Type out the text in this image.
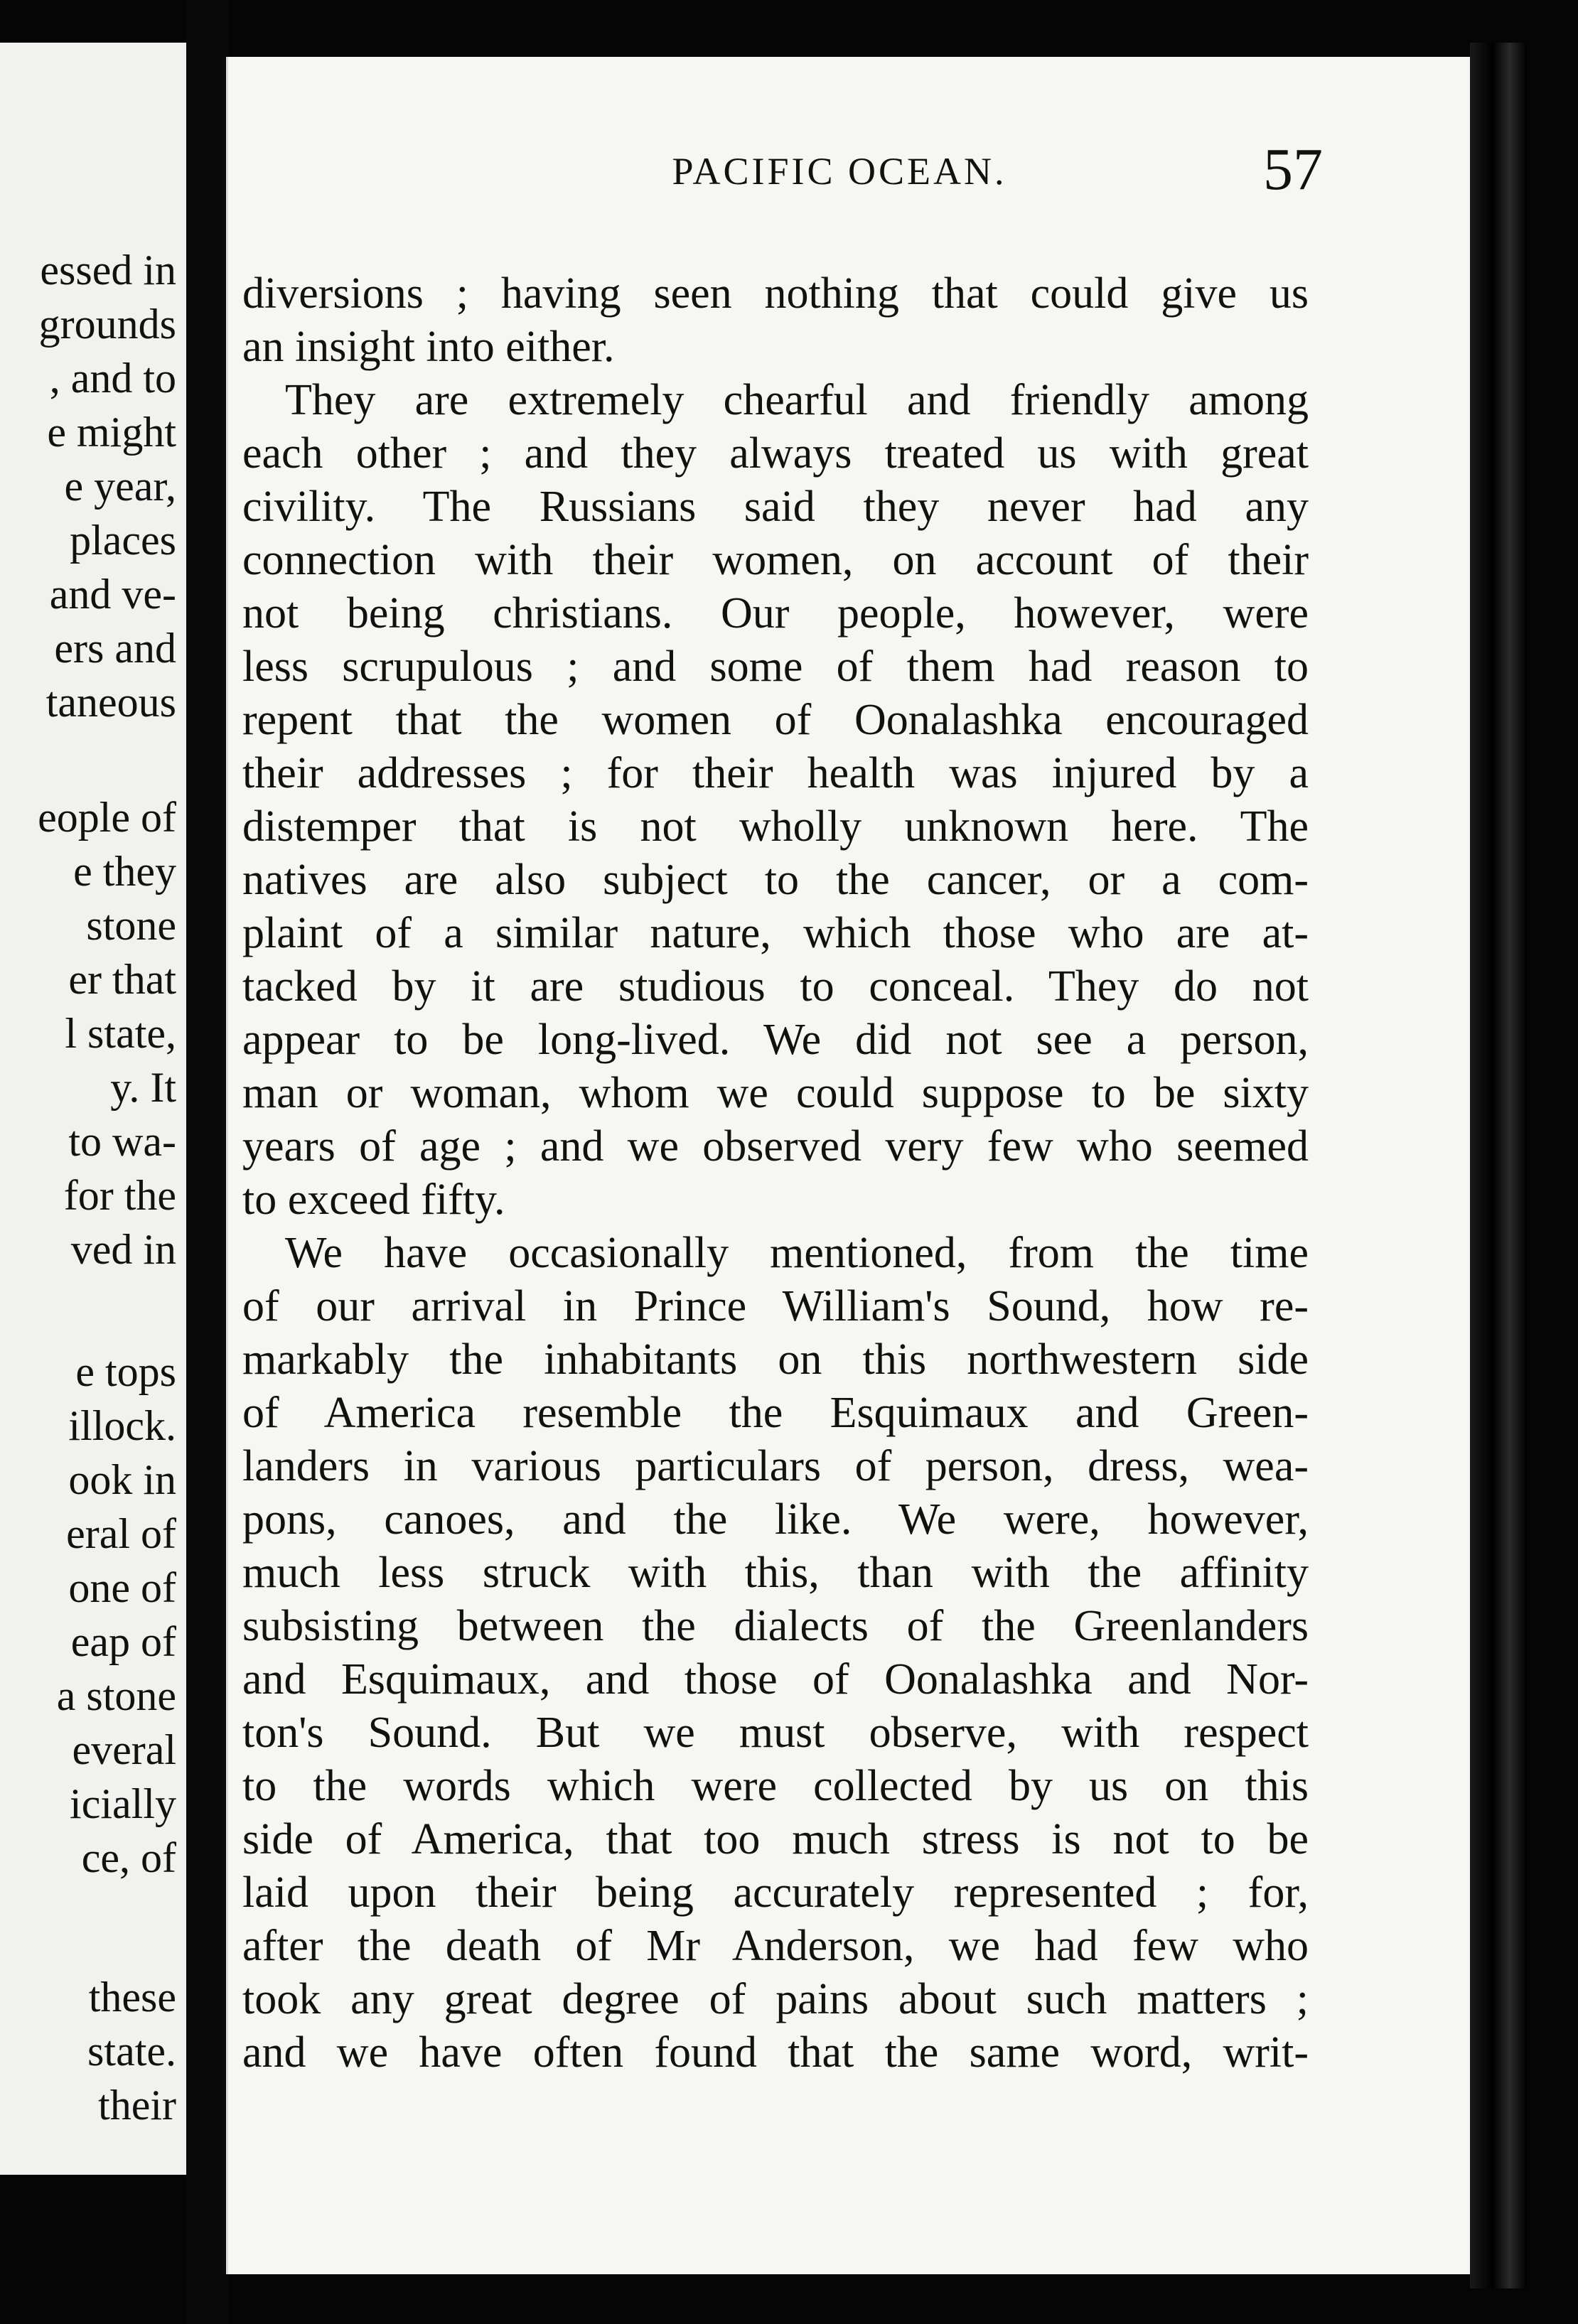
essed in
grounds
, and to
e might
e year,
places
and ve-
ers and
taneous
eople of
e they
stone
er that
l state,
y. It
to wa-
for the
ved in
e tops
illock.
ook in
eral of
one of
eap of
a stone
everal
icially
ce, of
these
state.
their
PACIFIC OCEAN.	57
diversions ; having seen nothing that could give us
an insight into either.
They are extremely chearful and friendly among
each other ; and they always treated us with great
civility. The Russians said they never had any
connection with their women, on account of their
not being christians. Our people, however, were
less scrupulous ; and some of them had reason to
repent that the women of Oonalashka encouraged
their addresses ; for their health was injured by a
distemper that is not wholly unknown here. The
natives are also subject to the cancer, or a com-
plaint of a similar nature, which those who are at-
tacked by it are studious to conceal. They do not
appear to be long-lived. We did not see a person,
man or woman, whom we could suppose to be sixty
years of age ; and we observed very few who seemed
to exceed fifty.
We have occasionally mentioned, from the time
of our arrival in Prince William's Sound, how re-
markably the inhabitants on this northwestern side
of America resemble the Esquimaux and Green-
landers in various particulars of person, dress, wea-
pons, canoes, and the like. We were, however,
much less struck with this, than with the affinity
subsisting between the dialects of the Greenlanders
and Esquimaux, and those of Oonalashka and Nor-
ton's Sound. But we must observe, with respect
to the words which were collected by us on this
side of America, that too much stress is not to be
laid upon their being accurately represented ; for,
after the death of Mr Anderson, we had few who
took any great degree of pains about such matters ;
and we have often found that the same word, writ-
